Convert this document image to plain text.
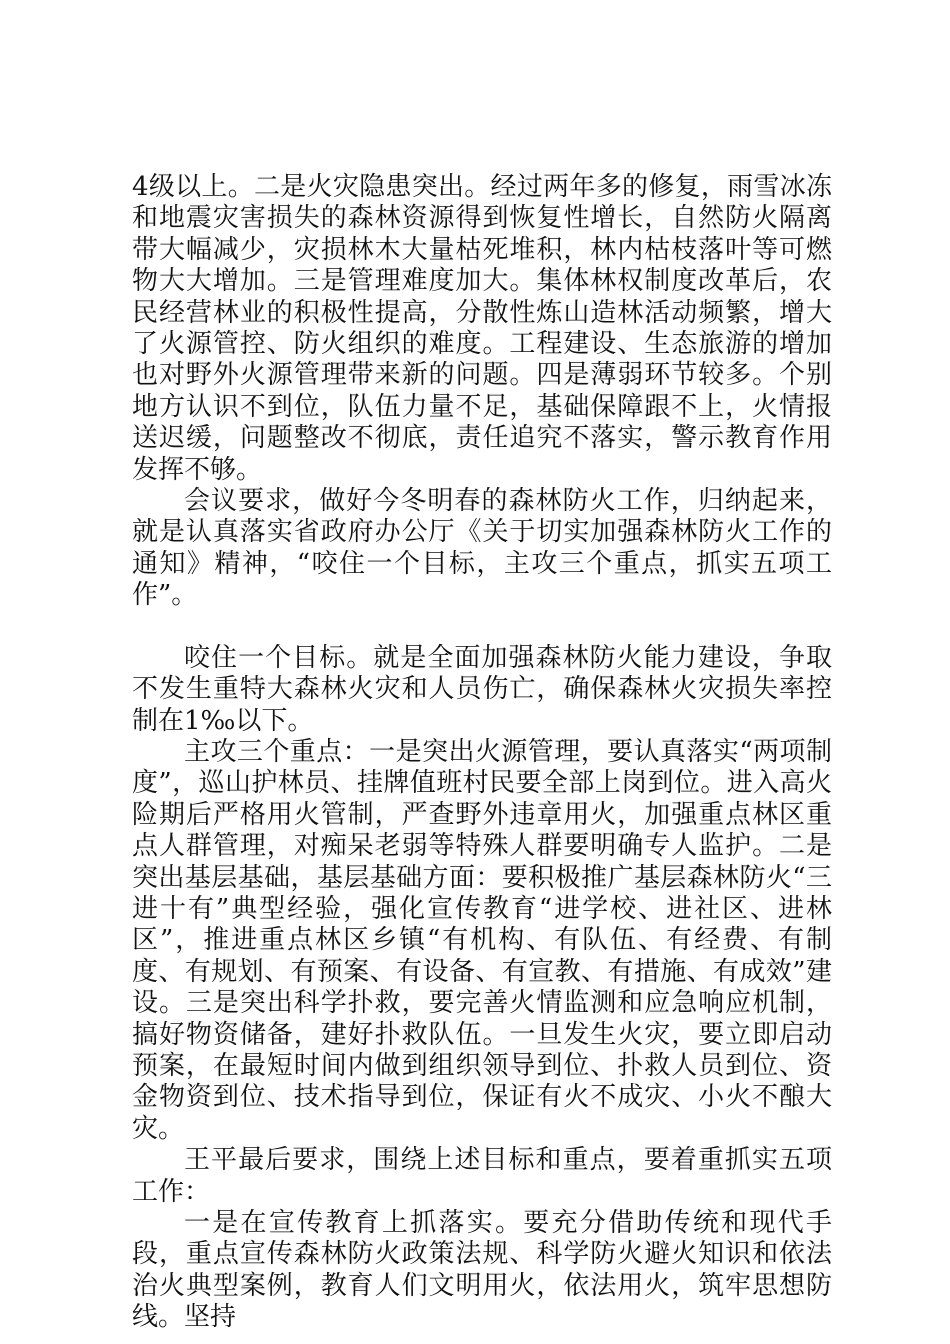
4级以上。二是火灾隐患突出。经过两年多的修复，雨雪冰冻和地震灾害损失的森林资源得到恢复性增长，自然防火隔离带大幅减少，灾损林木大量枯死堆积，林内枯枝落叶等可燃物大大增加。三是管理难度加大。集体林权制度改革后，农民经营林业的积极性提高，分散性炼山造林活动频繁，增大了火源管控、防火组织的难度。工程建设、生态旅游的增加也对野外火源管理带来新的问题。四是薄弱环节较多。个别地方认识不到位，队伍力量不足，基础保障跟不上，火情报送迟缓，问题整改不彻底，责任追究不落实，警示教育作用发挥不够。

会议要求，做好今冬明春的森林防火工作，归纳起来，就是认真落实省政府办公厅《关于切实加强森林防火工作的通知》精神，“咬住一个目标，主攻三个重点，抓实五项工作”。

咬住一个目标。就是全面加强森林防火能力建设，争取不发生重特大森林火灾和人员伤亡，确保森林火灾损失率控制在1‰以下。

主攻三个重点：一是突出火源管理，要认真落实“两项制度”，巡山护林员、挂牌值班村民要全部上岗到位。进入高火险期后严格用火管制，严查野外违章用火，加强重点林区重点人群管理，对痴呆老弱等特殊人群要明确专人监护。二是突出基层基础，基层基础方面：要积极推广基层森林防火“三进十有”典型经验，强化宣传教育“进学校、进社区、进林区”，推进重点林区乡镇“有机构、有队伍、有经费、有制度、有规划、有预案、有设备、有宣教、有措施、有成效”建设。三是突出科学扑救，要完善火情监测和应急响应机制，搞好物资储备，建好扑救队伍。一旦发生火灾，要立即启动预案，在最短时间内做到组织领导到位、扑救人员到位、资金物资到位、技术指导到位，保证有火不成灾、小火不酿大灾。

王平最后要求，围绕上述目标和重点，要着重抓实五项工作：

一是在宣传教育上抓落实。要充分借助传统和现代手段，重点宣传森林防火政策法规、科学防火避火知识和依法治火典型案例，教育人们文明用火，依法用火，筑牢思想防线。坚持
